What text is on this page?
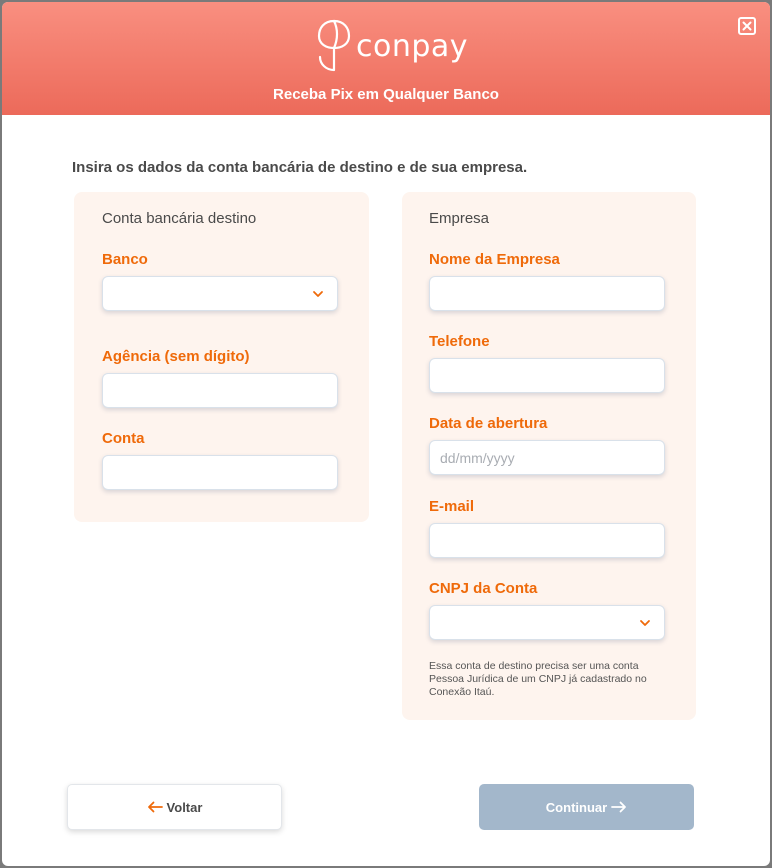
conpay
Receba Pix em Qualquer Banco
Insira os dados da conta bancária de destino e de sua empresa.
Conta bancária destino
Banco
Agência (sem dígito)
Conta
Empresa
Nome da Empresa
Telefone
Data de abertura
dd/mm/yyyy
E-mail
CNPJ da Conta
Essa conta de destino precisa ser uma conta Pessoa Jurídica de um CNPJ já cadastrado no Conexão Itaú.
Voltar	Continuar
